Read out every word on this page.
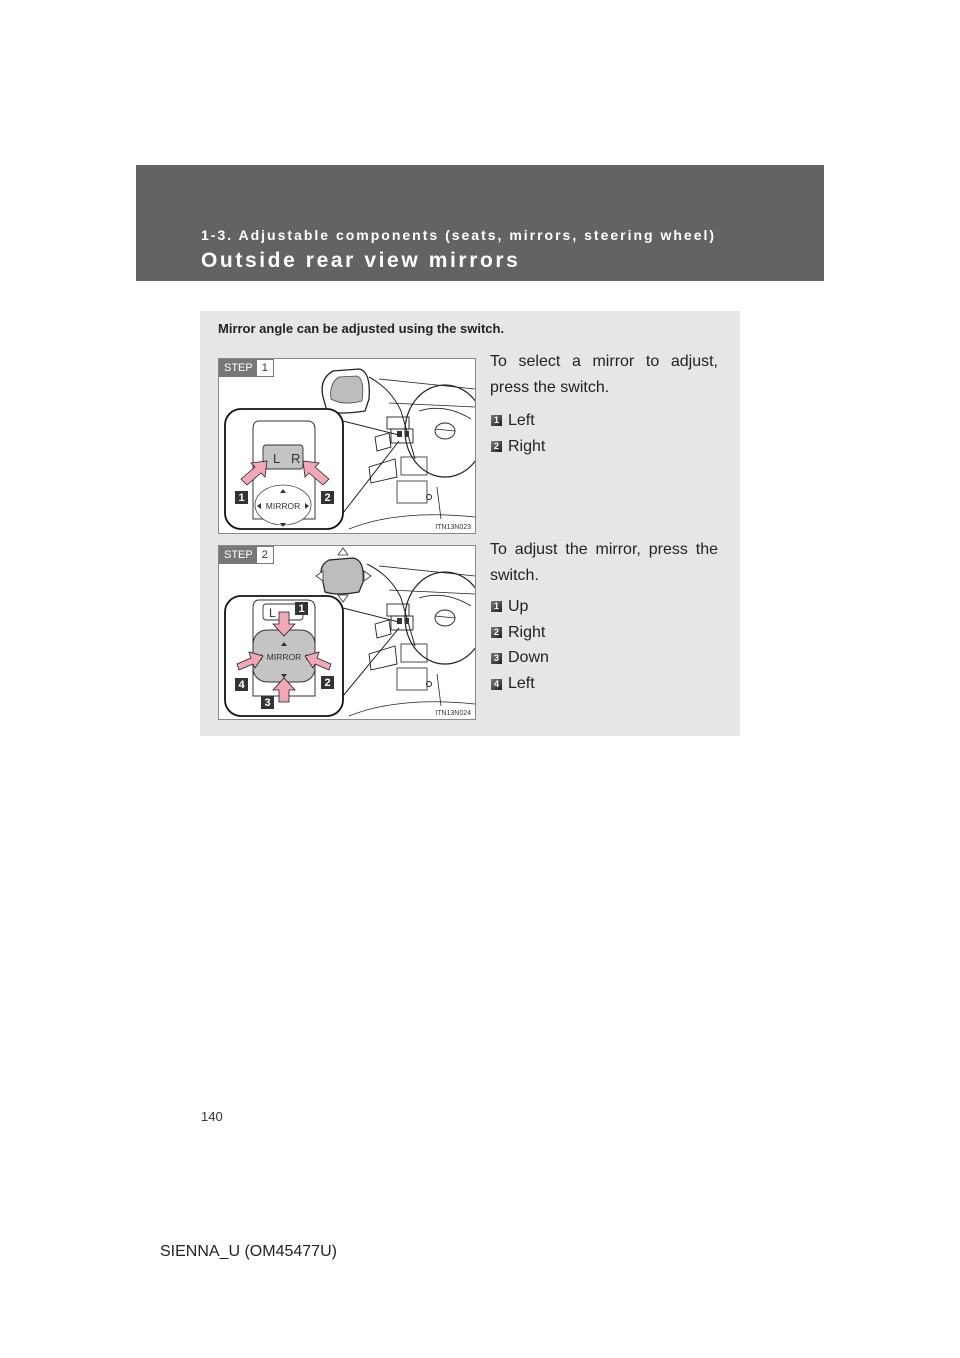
1-3. Adjustable components (seats, mirrors, steering wheel)
Outside rear view mirrors
Mirror angle can be adjusted using the switch.
L R
MIRROR
1	2
STEP 1
ITN13N023
To select a mirror to adjust, press the switch.
1 Left
2 Right
L
MIRROR
1
2
3
4
STEP 2
ITN13N024
To adjust the mirror, press the switch.
1 Up
2 Right
3 Down
4 Left
140
SIENNA_U (OM45477U)
